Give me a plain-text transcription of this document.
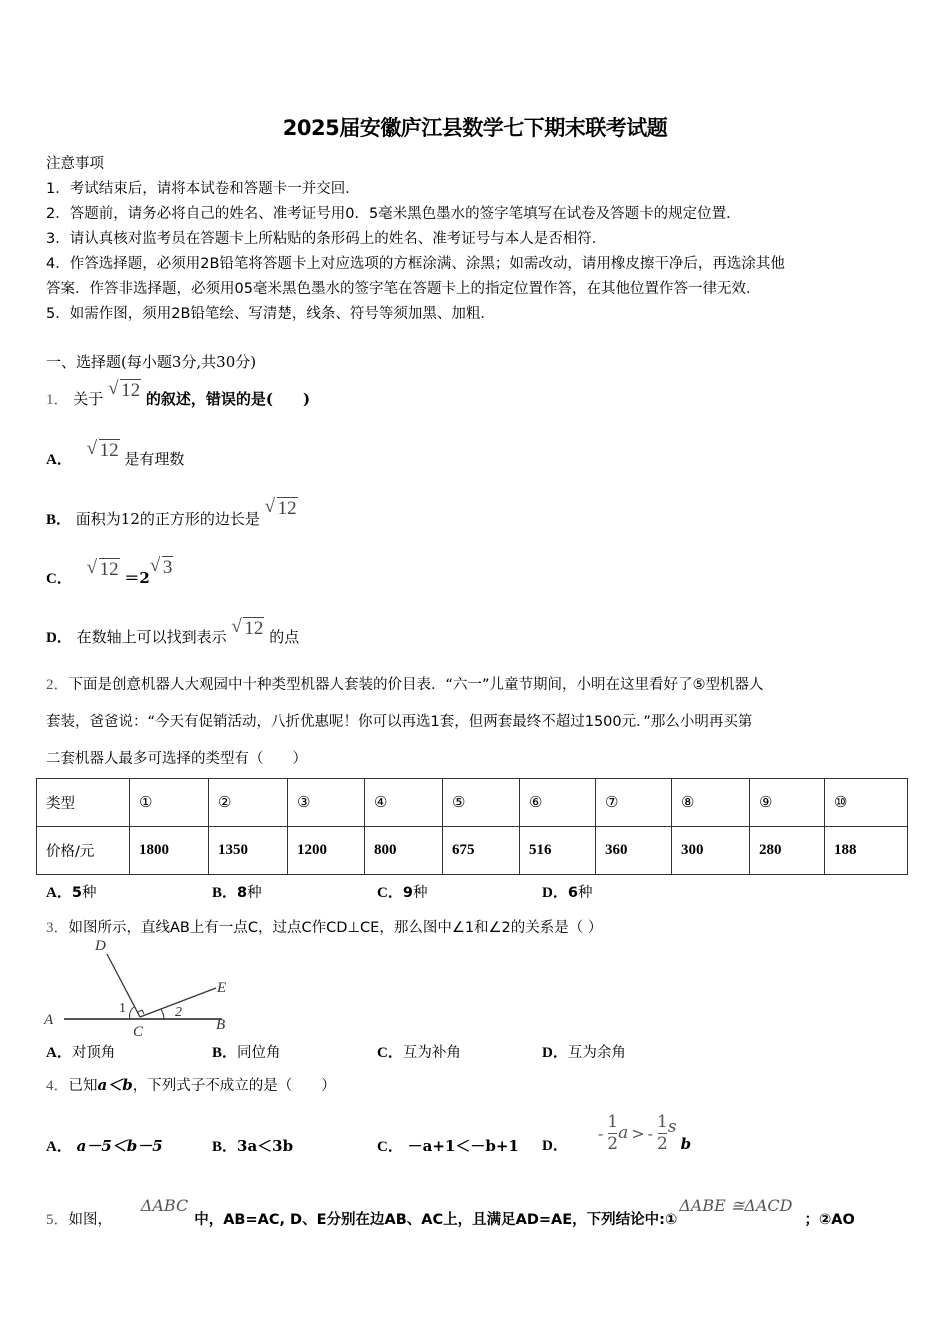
2025届安徽庐江县数学七下期末联考试题
注意事项
1．考试结束后，请将本试卷和答题卡一并交回．
2．答题前，请务必将自己的姓名、准考证号用0．5毫米黑色墨水的签字笔填写在试卷及答题卡的规定位置．
3．请认真核对监考员在答题卡上所粘贴的条形码上的姓名、准考证号与本人是否相符．
4．作答选择题，必须用2B铅笔将答题卡上对应选项的方框涂满、涂黑；如需改动，请用橡皮擦干净后，再选涂其他
答案．作答非选择题，必须用05毫米黑色墨水的签字笔在答题卡上的指定位置作答，在其他位置作答一律无效．
5．如需作图，须用2B铅笔绘、写清楚，线条、符号等须加黑、加粗．
一、选择题(每小题3分,共30分)
1． 关于 √ 12 的叙述，错误的是(　　)
A． √ 12 是有理数
B． 面积为12的正方形的边长是 √ 12
C． √ 12 ＝2 √ 3
D． 在数轴上可以找到表示 √ 12 的点
2．下面是创意机器人大观园中十种类型机器人套装的价目表．“六一”儿童节期间，小明在这里看好了⑤型机器人
套装，爸爸说：“今天有促销活动，八折优惠呢！你可以再选1套，但两套最终不超过1500元．”那么小明再买第
二套机器人最多可选择的类型有（　　）
类型	①	②	③	④	⑤	⑥	⑦	⑧	⑨	⑩
价格/元	1800	1350	1200	800	675	516	360	300	280	188
A．5种	B．8种	C．9种	D．6种
3．如图所示，直线AB上有一点C，过点C作CD⊥CE，那么图中∠1和∠2的关系是（ ）
D
E
A
C	B
1	2
A．对顶角	B．同位角	C．互为补角	D．互为余角
4．已知a＜b，下列式子不成立的是（　　）
A． a－5＜b－5	B．3a＜3b	C． －a+1＜－b+1 D．
- $\frac{1}{2}$ a > - $\frac{1}{2}$ s
b
5．如图， ΔABC中，AB=AC, D、E分别在边AB、AC上，且满足AD=AE，下列结论中:①ΔABE ≅ΔACD；②AO
